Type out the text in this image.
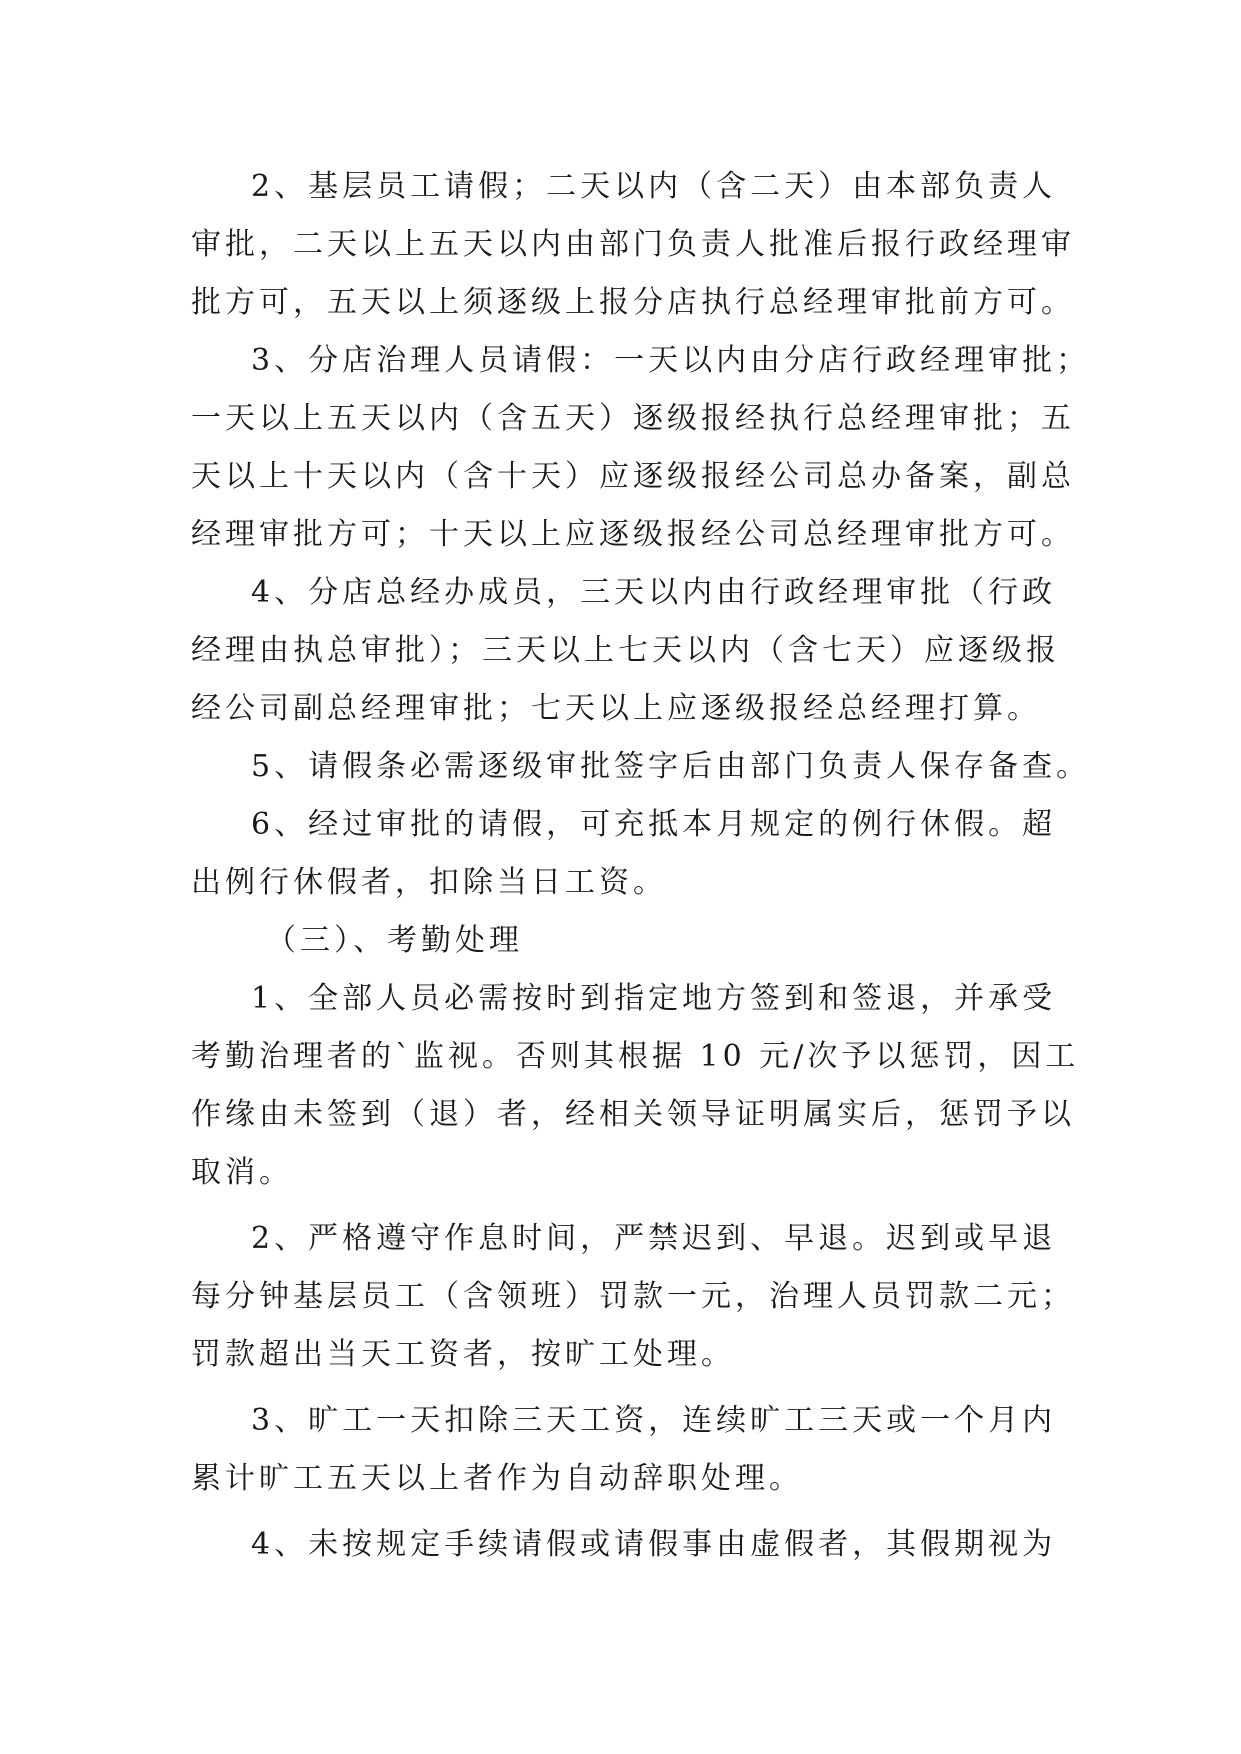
2、基层员工请假；二天以内（含二天）由本部负责人
审批，二天以上五天以内由部门负责人批准后报行政经理审
批方可，五天以上须逐级上报分店执行总经理审批前方可。
3、分店治理人员请假：一天以内由分店行政经理审批；
一天以上五天以内（含五天）逐级报经执行总经理审批；五
天以上十天以内（含十天）应逐级报经公司总办备案，副总
经理审批方可；十天以上应逐级报经公司总经理审批方可。
4、分店总经办成员，三天以内由行政经理审批（行政
经理由执总审批）；三天以上七天以内（含七天）应逐级报
经公司副总经理审批；七天以上应逐级报经总经理打算。
5、请假条必需逐级审批签字后由部门负责人保存备查。
6、经过审批的请假，可充抵本月规定的例行休假。超
出例行休假者，扣除当日工资。
（三）、考勤处理
1、全部人员必需按时到指定地方签到和签退，并承受
考勤治理者的`监视。否则其根据 10 元/次予以惩罚，因工
作缘由未签到（退）者，经相关领导证明属实后，惩罚予以
取消。
2、严格遵守作息时间，严禁迟到、早退。迟到或早退
每分钟基层员工（含领班）罚款一元，治理人员罚款二元；
罚款超出当天工资者，按旷工处理。
3、旷工一天扣除三天工资，连续旷工三天或一个月内
累计旷工五天以上者作为自动辞职处理。
4、未按规定手续请假或请假事由虚假者，其假期视为
